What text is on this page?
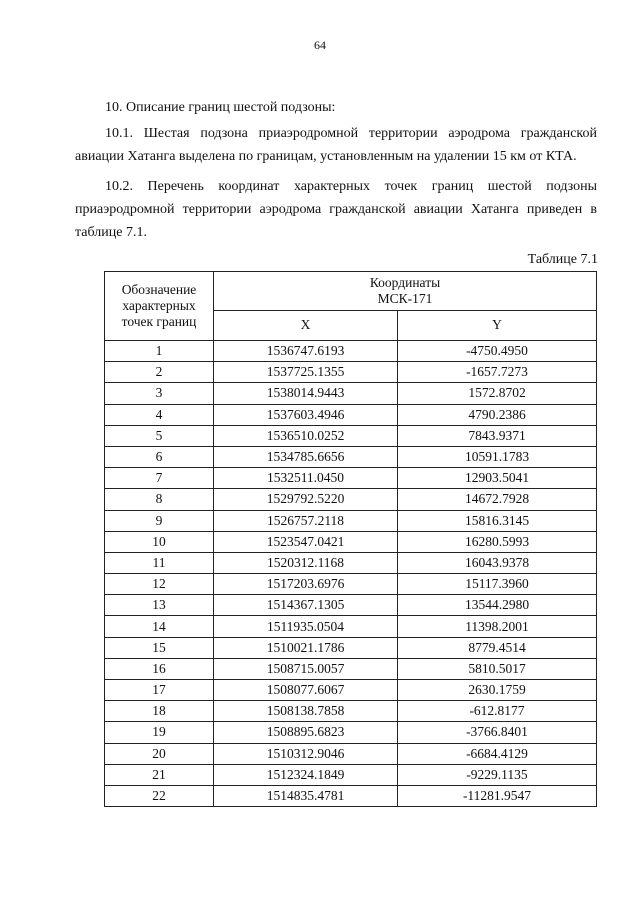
64

10. Описание границ шестой подзоны:

10.1. Шестая подзона приаэродромной территории аэродрома гражданской авиации Хатанга выделена по границам, установленным на удалении 15 км от КТА.

10.2. Перечень координат характерных точек границ шестой подзоны приаэродромной территории аэродрома гражданской авиации Хатанга приведен в таблице 7.1.

Таблице 7.1
Обозначение характерных точек границ	Координаты
МСК-171	

	X	Y
1	1536747.6193	-4750.4950
2	1537725.1355	-1657.7273
3	1538014.9443	1572.8702
4	1537603.4946	4790.2386
5	1536510.0252	7843.9371
6	1534785.6656	10591.1783
7	1532511.0450	12903.5041
8	1529792.5220	14672.7928
9	1526757.2118	15816.3145
10	1523547.0421	16280.5993
11	1520312.1168	16043.9378
12	1517203.6976	15117.3960
13	1514367.1305	13544.2980
14	1511935.0504	11398.2001
15	1510021.1786	8779.4514
16	1508715.0057	5810.5017
17	1508077.6067	2630.1759
18	1508138.7858	-612.8177
19	1508895.6823	-3766.8401
20	1510312.9046	-6684.4129
21	1512324.1849	-9229.1135
22	1514835.4781	-11281.9547
